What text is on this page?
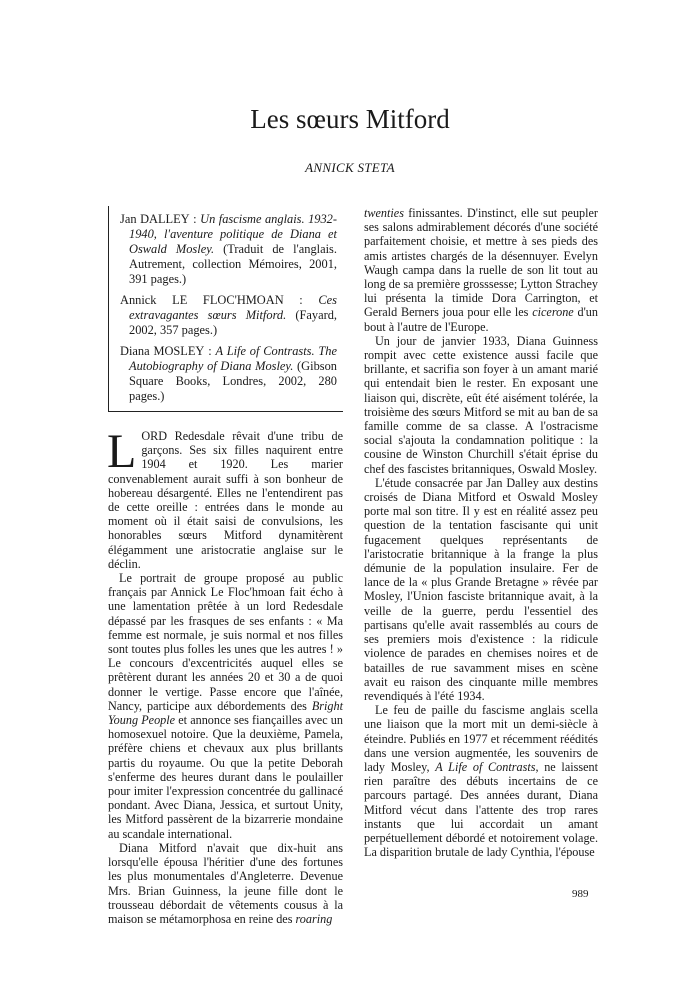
Les sœurs Mitford

ANNICK STETA

Jan DALLEY : Un fascisme anglais. 1932-1940, l'aventure politique de Diana et Oswald Mosley. (Traduit de l'anglais. Autrement, collection Mémoires, 2001, 391 pages.)

Annick LE FLOC'HMOAN : Ces extravagantes sœurs Mitford. (Fayard, 2002, 357 pages.)

Diana MOSLEY : A Life of Contrasts. The Autobiography of Diana Mosley. (Gibson Square Books, Londres, 2002, 280 pages.)

LORD Redesdale rêvait d'une tribu de garçons. Ses six filles naquirent entre 1904 et 1920. Les marier convenablement aurait suffi à son bonheur de hobereau désargenté. Elles ne l'entendirent pas de cette oreille : entrées dans le monde au moment où il était saisi de convulsions, les honorables sœurs Mitford dynamitèrent élégamment une aristocratie anglaise sur le déclin.

Le portrait de groupe proposé au public français par Annick Le Floc'hmoan fait écho à une lamentation prêtée à un lord Redesdale dépassé par les frasques de ses enfants : « Ma femme est normale, je suis normal et nos filles sont toutes plus folles les unes que les autres ! » Le concours d'excentricités auquel elles se prêtèrent durant les années 20 et 30 a de quoi donner le vertige. Passe encore que l'aînée, Nancy, participe aux débordements des Bright Young People et annonce ses fiançailles avec un homosexuel notoire. Que la deuxième, Pamela, préfère chiens et chevaux aux plus brillants partis du royaume. Ou que la petite Deborah s'enferme des heures durant dans le poulailler pour imiter l'expression concentrée du gallinacé pondant. Avec Diana, Jessica, et surtout Unity, les Mitford passèrent de la bizarrerie mondaine au scandale international.

Diana Mitford n'avait que dix-huit ans lorsqu'elle épousa l'héritier d'une des fortunes les plus monumentales d'Angleterre. Devenue Mrs. Brian Guinness, la jeune fille dont le trousseau débordait de vêtements cousus à la maison se métamorphosa en reine des roaring

twenties finissantes. D'instinct, elle sut peupler ses salons admirablement décorés d'une société parfaitement choisie, et mettre à ses pieds des amis artistes chargés de la désennuyer. Evelyn Waugh campa dans la ruelle de son lit tout au long de sa première grosssesse; Lytton Strachey lui présenta la timide Dora Carrington, et Gerald Berners joua pour elle les cicerone d'un bout à l'autre de l'Europe.

Un jour de janvier 1933, Diana Guinness rompit avec cette existence aussi facile que brillante, et sacrifia son foyer à un amant marié qui entendait bien le rester. En exposant une liaison qui, discrète, eût été aisément tolérée, la troisième des sœurs Mitford se mit au ban de sa famille comme de sa classe. A l'ostracisme social s'ajouta la condamnation politique : la cousine de Winston Churchill s'était éprise du chef des fascistes britanniques, Oswald Mosley.

L'étude consacrée par Jan Dalley aux destins croisés de Diana Mitford et Oswald Mosley porte mal son titre. Il y est en réalité assez peu question de la tentation fascisante qui unit fugacement quelques représentants de l'aristocratie britannique à la frange la plus démunie de la population insulaire. Fer de lance de la « plus Grande Bretagne » rêvée par Mosley, l'Union fasciste britannique avait, à la veille de la guerre, perdu l'essentiel des partisans qu'elle avait rassemblés au cours de ses premiers mois d'existence : la ridicule violence de parades en chemises noires et de batailles de rue savamment mises en scène avait eu raison des cinquante mille membres revendiqués à l'été 1934.

Le feu de paille du fascisme anglais scella une liaison que la mort mit un demi-siècle à éteindre. Publiés en 1977 et récemment réédités dans une version augmentée, les souvenirs de lady Mosley, A Life of Contrasts, ne laissent rien paraître des débuts incertains de ce parcours partagé. Des années durant, Diana Mitford vécut dans l'attente des trop rares instants que lui accordait un amant perpétuellement débordé et notoirement volage. La disparition brutale de lady Cynthia, l'épouse

989
